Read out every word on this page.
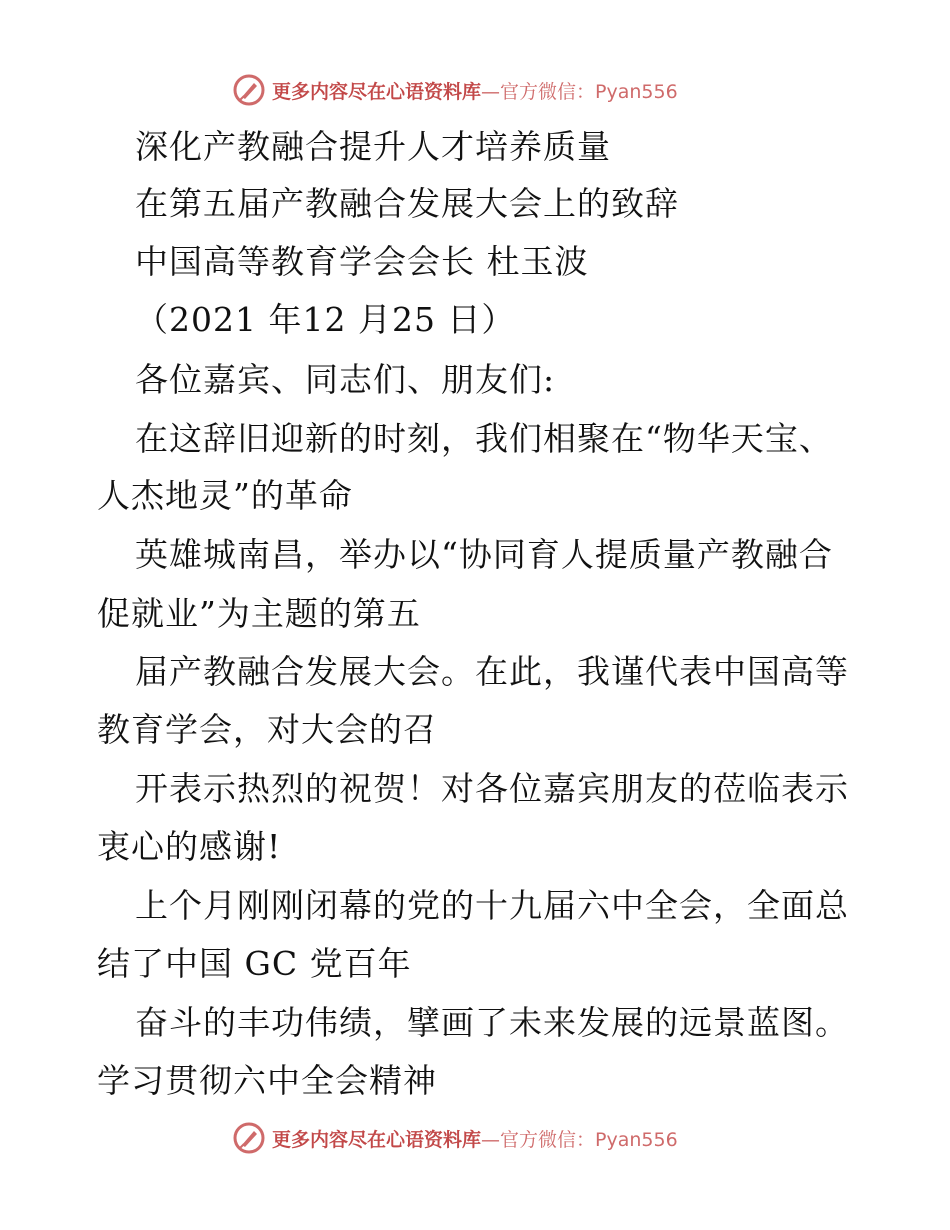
更多内容尽在心语资料库—官方微信：Pyan556
深化产教融合提升人才培养质量
在第五届产教融合发展大会上的致辞
中国高等教育学会会长 杜玉波
（2021 年12 月25 日）
各位嘉宾、同志们、朋友们:
在这辞旧迎新的时刻，我们相聚在“物华天宝、
人杰地灵”的革命
英雄城南昌，举办以“协同育人提质量产教融合
促就业”为主题的第五
届产教融合发展大会。在此，我谨代表中国高等
教育学会，对大会的召
开表示热烈的祝贺！对各位嘉宾朋友的莅临表示
衷心的感谢!
上个月刚刚闭幕的党的十九届六中全会，全面总
结了中国 GC 党百年
奋斗的丰功伟绩，擘画了未来发展的远景蓝图。
学习贯彻六中全会精神
更多内容尽在心语资料库—官方微信：Pyan556
